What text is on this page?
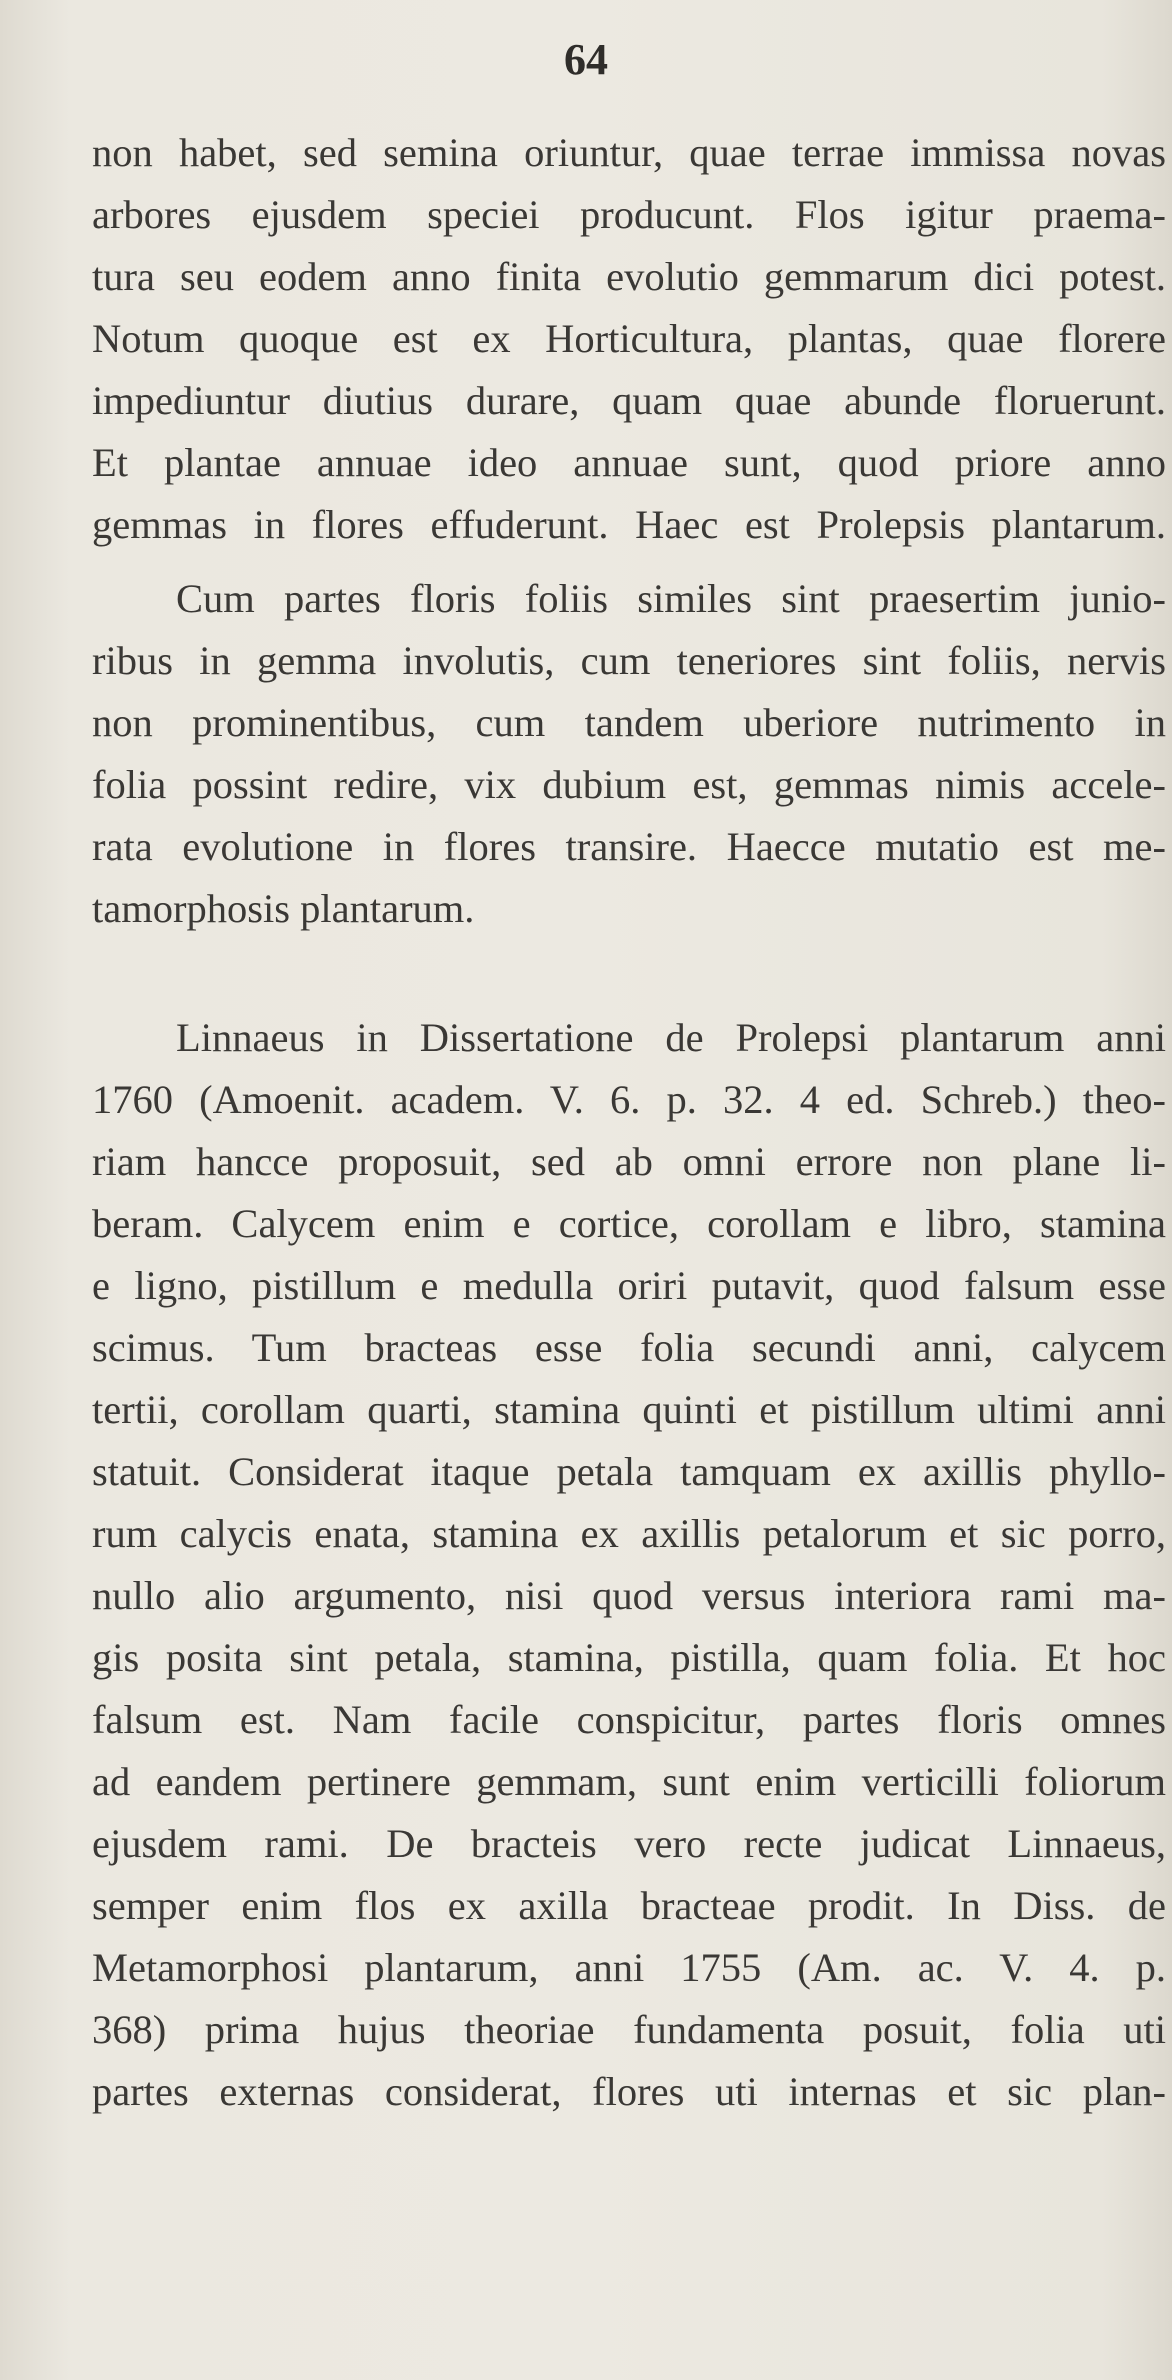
64
non habet, sed semina oriuntur, quae terrae immissa novas
arbores ejusdem speciei producunt. Flos igitur praema-
tura seu eodem anno finita evolutio gemmarum dici potest.
Notum quoque est ex Horticultura, plantas, quae florere
impediuntur diutius durare, quam quae abunde floruerunt.
Et plantae annuae ideo annuae sunt, quod priore anno
gemmas in flores effuderunt. Haec est Prolepsis plantarum.
Cum partes floris foliis similes sint praesertim junio-
ribus in gemma involutis, cum teneriores sint foliis, nervis
non prominentibus, cum tandem uberiore nutrimento in
folia possint redire, vix dubium est, gemmas nimis accele-
rata evolutione in flores transire. Haecce mutatio est me-
tamorphosis plantarum.
Linnaeus in Dissertatione de Prolepsi plantarum anni
1760 (Amoenit. academ. V. 6. p. 32. 4 ed. Schreb.) theo-
riam hancce proposuit, sed ab omni errore non plane li-
beram. Calycem enim e cortice, corollam e libro, stamina
e ligno, pistillum e medulla oriri putavit, quod falsum esse
scimus. Tum bracteas esse folia secundi anni, calycem
tertii, corollam quarti, stamina quinti et pistillum ultimi anni
statuit. Considerat itaque petala tamquam ex axillis phyllo-
rum calycis enata, stamina ex axillis petalorum et sic porro,
nullo alio argumento, nisi quod versus interiora rami ma-
gis posita sint petala, stamina, pistilla, quam folia. Et hoc
falsum est. Nam facile conspicitur, partes floris omnes
ad eandem pertinere gemmam, sunt enim verticilli foliorum
ejusdem rami. De bracteis vero recte judicat Linnaeus,
semper enim flos ex axilla bracteae prodit. In Diss. de
Metamorphosi plantarum, anni 1755 (Am. ac. V. 4. p.
368) prima hujus theoriae fundamenta posuit, folia uti
partes externas considerat, flores uti internas et sic plan-
